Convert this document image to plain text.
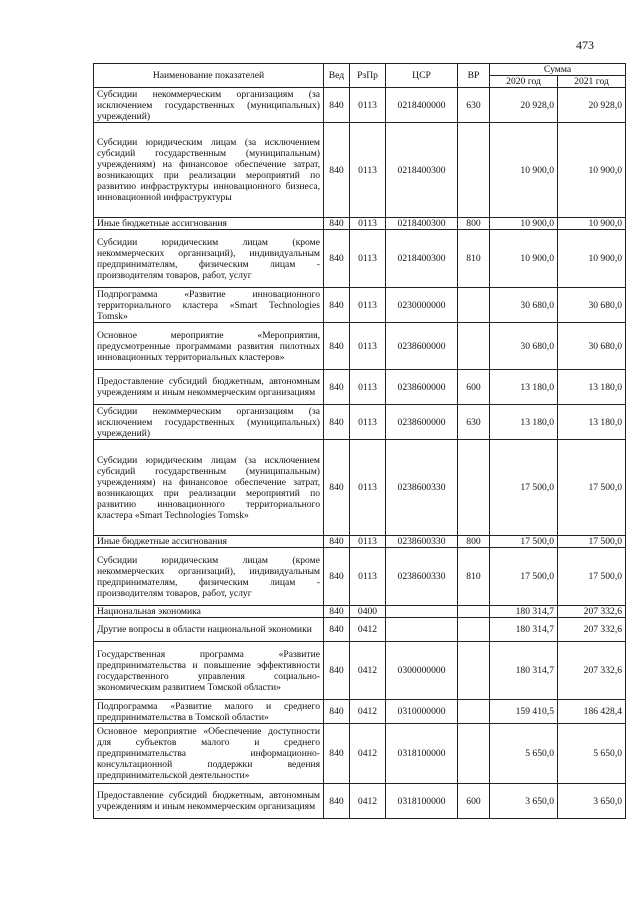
473
Наименование показателей	Вед	РзПр	ЦСР	ВР	Сумма	
					2020 год	2021 год
Субсидии некоммерческим организациям (за исключением государственных (муниципальных) учреждений)	840	0113	0218400000	630	20 928,0	20 928,0
Субсидии юридическим лицам (за исключением субсидий государственным (муниципальным) учреждениям) на финансовое обеспечение затрат, возникающих при реализации мероприятий по развитию инфраструктуры инновационного бизнеса, инновационной инфраструктуры	840	0113	0218400300		10 900,0	10 900,0
Иные бюджетные ассигнования	840	0113	0218400300	800	10 900,0	10 900,0
Субсидии юридическим лицам (кроме некоммерческих организаций), индивидуальным предпринимателям, физическим лицам - производителям товаров, работ, услуг	840	0113	0218400300	810	10 900,0	10 900,0
Подпрограмма «Развитие инновационного территориального кластера «Smart Technologies Tomsk»	840	0113	0230000000		30 680,0	30 680,0
Основное мероприятие «Мероприятия, предусмотренные программами развития пилотных инновационных территориальных кластеров»	840	0113	0238600000		30 680,0	30 680,0
Предоставление субсидий бюджетным, автономным учреждениям и иным некоммерческим организациям	840	0113	0238600000	600	13 180,0	13 180,0
Субсидии некоммерческим организациям (за исключением государственных (муниципальных) учреждений)	840	0113	0238600000	630	13 180,0	13 180,0
Субсидии юридическим лицам (за исключением субсидий государственным (муниципальным) учреждениям) на финансовое обеспечение затрат, возникающих при реализации мероприятий по развитию инновационного территориального кластера «Smart Technologies Tomsk»	840	0113	0238600330		17 500,0	17 500,0
Иные бюджетные ассигнования	840	0113	0238600330	800	17 500,0	17 500,0
Субсидии юридическим лицам (кроме некоммерческих организаций), индивидуальным предпринимателям, физическим лицам - производителям товаров, работ, услуг	840	0113	0238600330	810	17 500,0	17 500,0
Национальная экономика	840	0400			180 314,7	207 332,6
Другие вопросы в области национальной экономики	840	0412			180 314,7	207 332,6
Государственная программа «Развитие предпринимательства и повышение эффективности государственного управления социально-экономическим развитием Томской области»	840	0412	0300000000		180 314,7	207 332,6
Подпрограмма «Развитие малого и среднего предпринимательства в Томской области»	840	0412	0310000000		159 410,5	186 428,4
Основное мероприятие «Обеспечение доступности для субъектов малого и среднего предпринимательства информационно-консультационной поддержки ведения предпринимательской деятельности»	840	0412	0318100000		5 650,0	5 650,0
Предоставление субсидий бюджетным, автономным учреждениям и иным некоммерческим организациям	840	0412	0318100000	600	3 650,0	3 650,0
